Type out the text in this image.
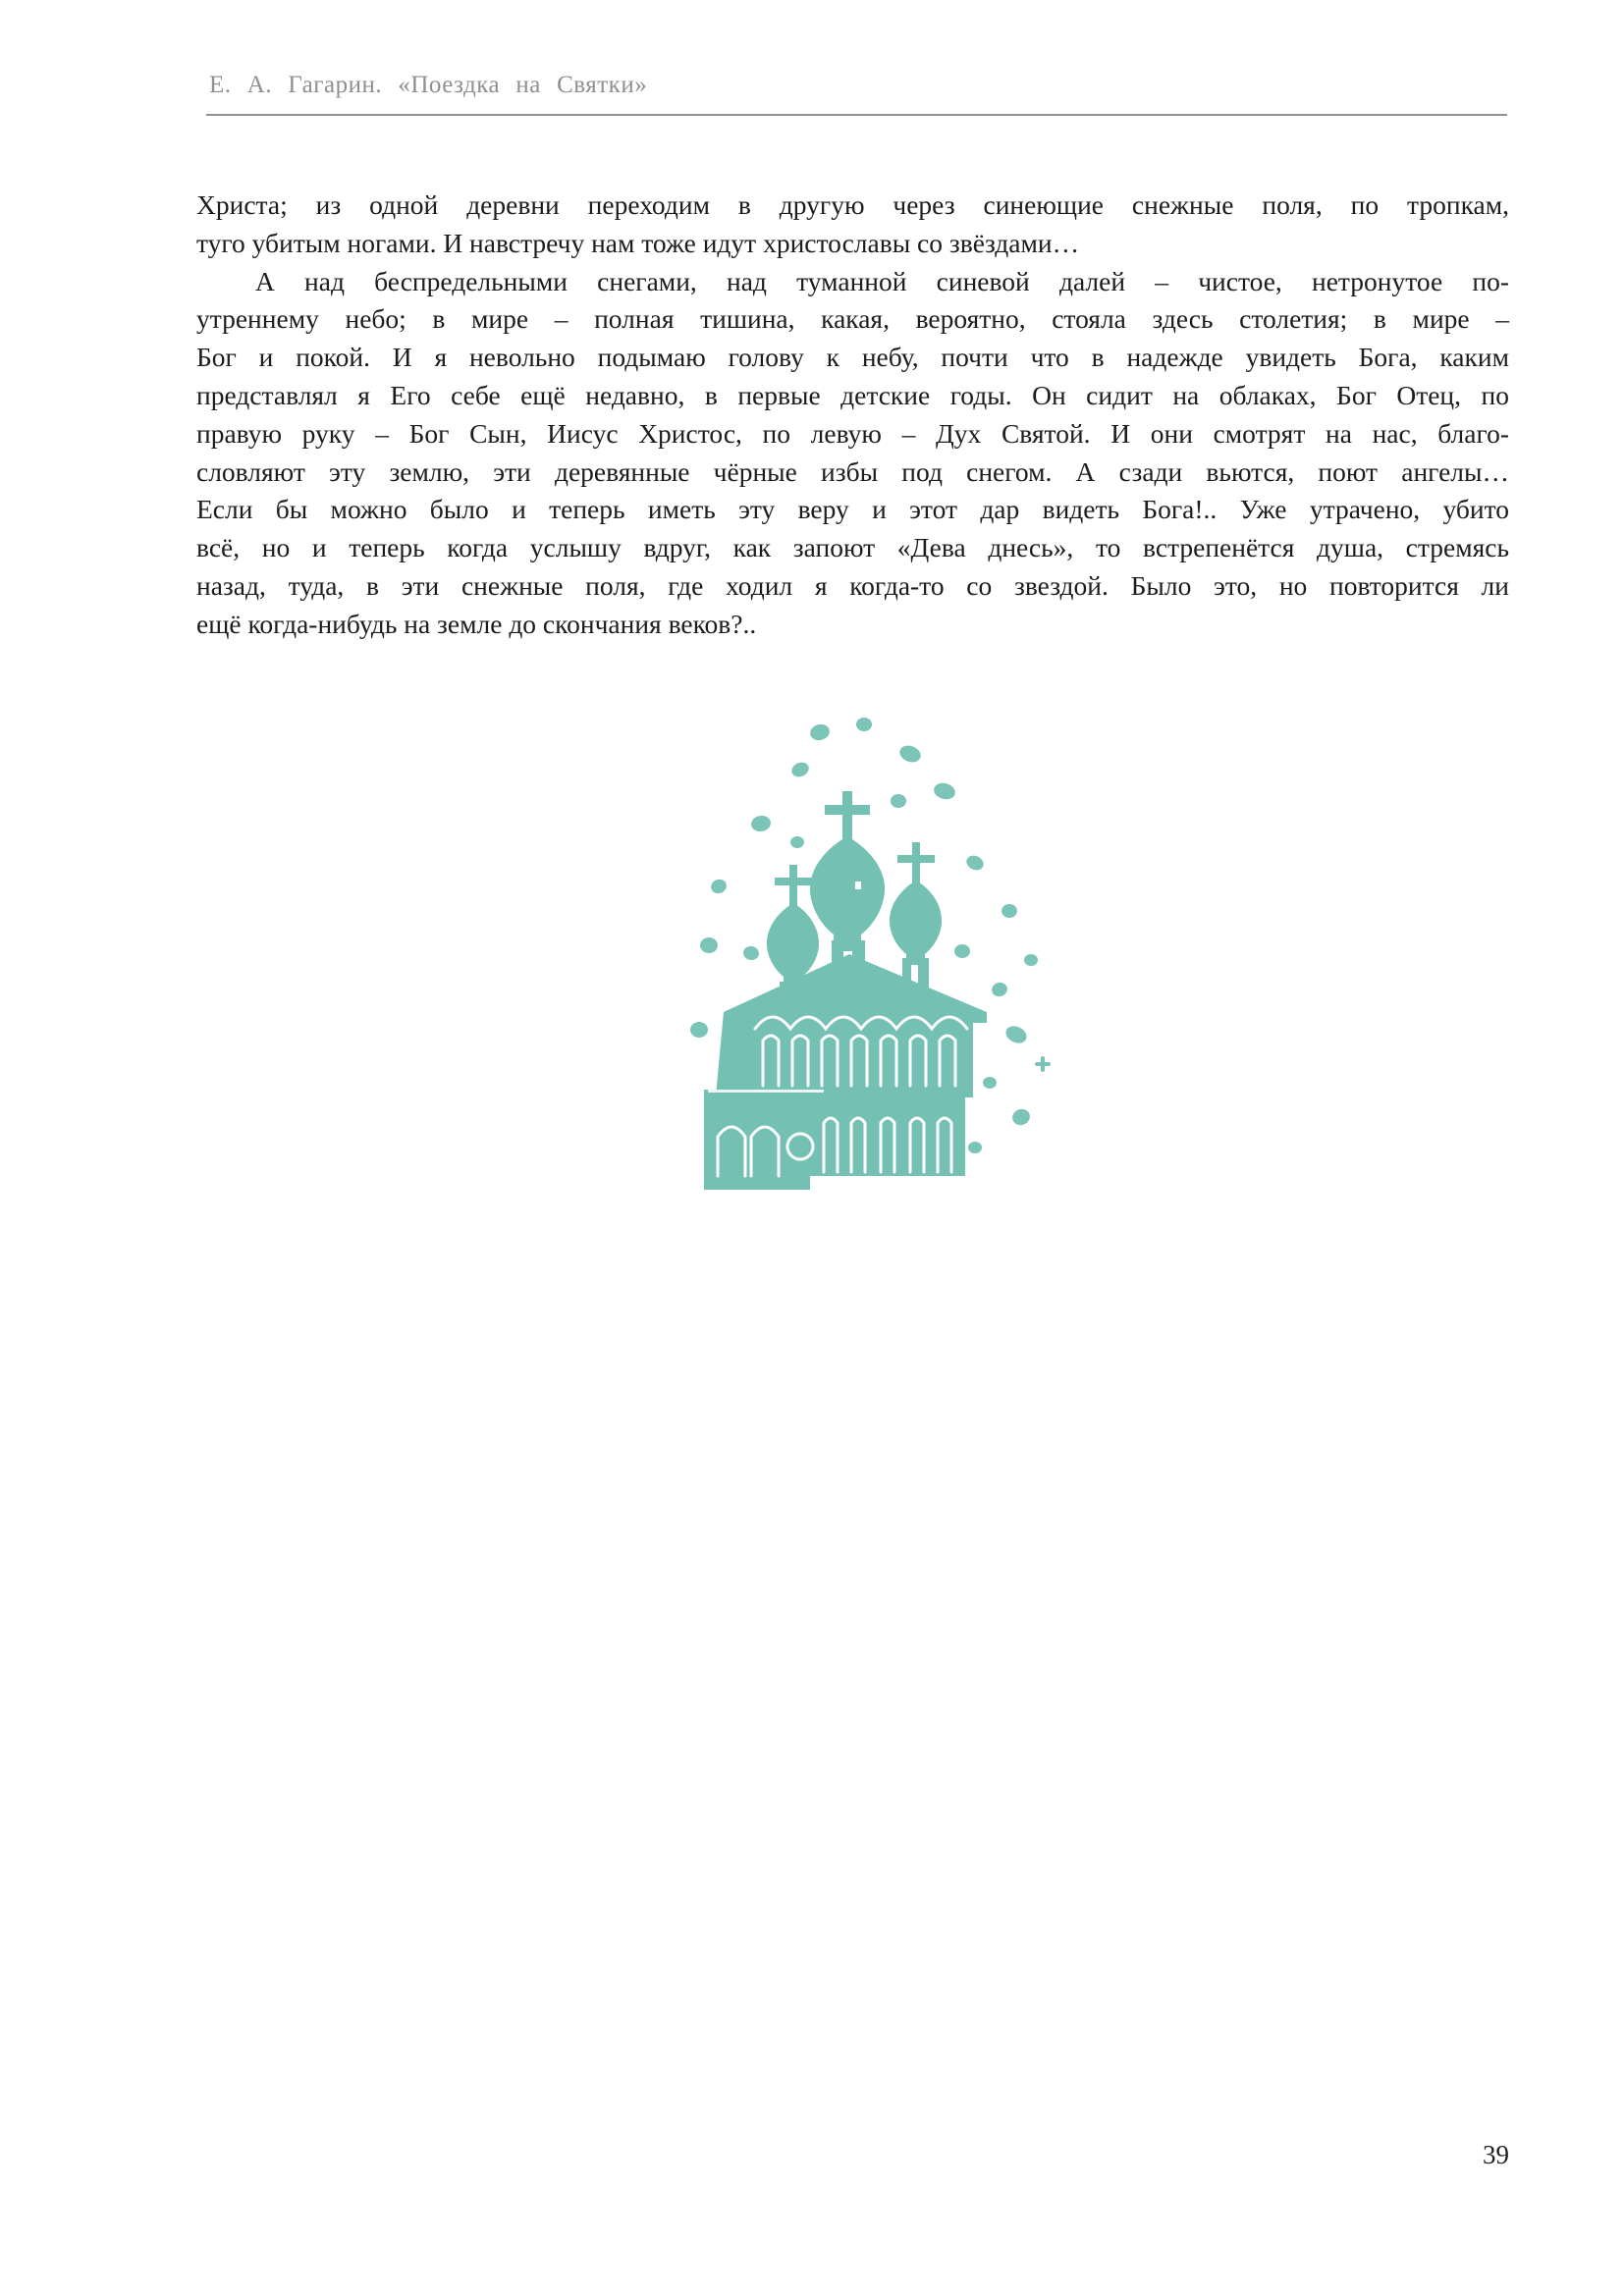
Е. А. Гагарин. «Поездка на Святки»
Христа; из одной деревни переходим в другую через синеющие снежные поля, по тропкам,
туго убитым ногами. И навстречу нам тоже идут христославы со звёздами…
А над беспредельными снегами, над туманной синевой далей – чистое, нетронутое по-
утреннему небо; в мире – полная тишина, какая, вероятно, стояла здесь столетия; в мире –
Бог и покой. И я невольно подымаю голову к небу, почти что в надежде увидеть Бога, каким
представлял я Его себе ещё недавно, в первые детские годы. Он сидит на облаках, Бог Отец, по
правую руку – Бог Сын, Иисус Христос, по левую – Дух Святой. И они смотрят на нас, благо-
словляют эту землю, эти деревянные чёрные избы под снегом. А сзади вьются, поют ангелы…
Если бы можно было и теперь иметь эту веру и этот дар видеть Бога!.. Уже утрачено, убито
всё, но и теперь когда услышу вдруг, как запоют «Дева днесь», то встрепенётся душа, стремясь
назад, туда, в эти снежные поля, где ходил я когда-то со звездой. Было это, но повторится ли
ещё когда-нибудь на земле до скончания веков?..
39
